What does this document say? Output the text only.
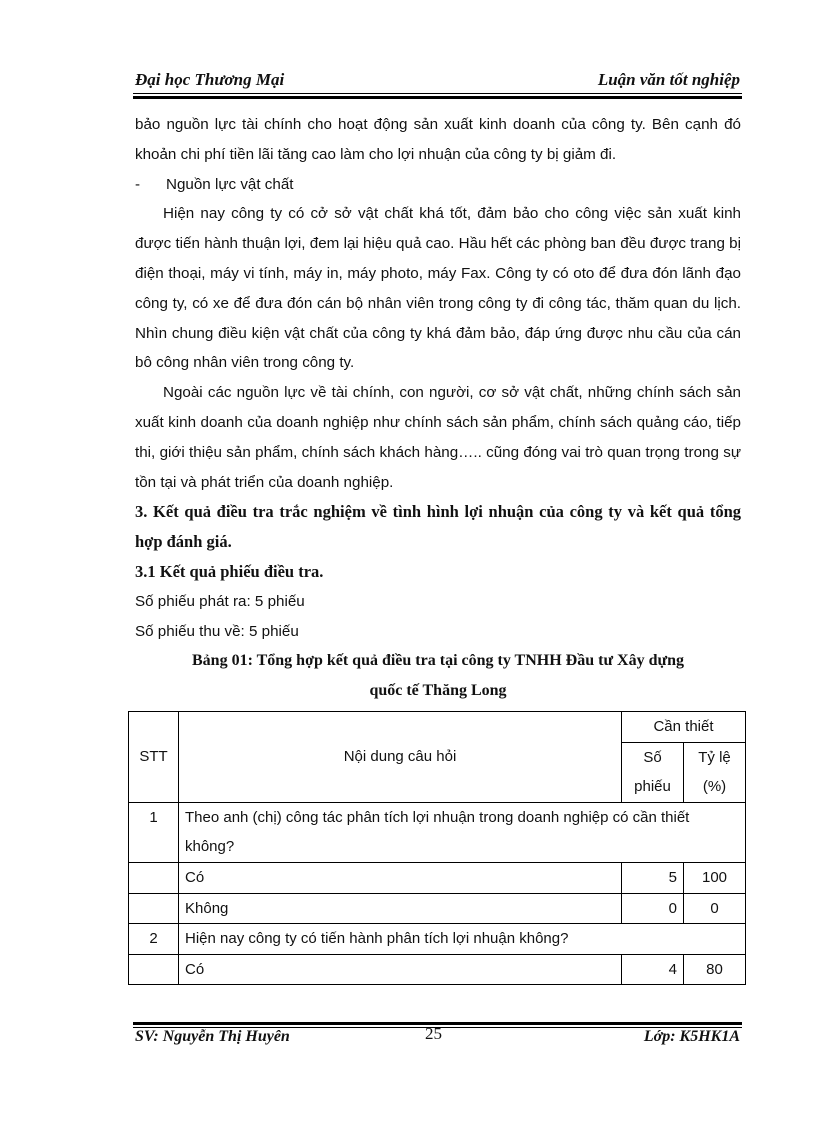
Đại học Thương Mại	Luận văn tốt nghiệp

bảo nguồn lực tài chính cho hoạt động sản xuất kinh doanh của công ty. Bên cạnh đó khoản chi phí tiền lãi tăng cao làm cho lợi nhuận của công ty bị giảm đi.

-	Nguồn lực vật chất

Hiện nay công ty có cở sở vật chất khá tốt, đảm bảo cho công việc sản xuất kinh được tiến hành thuận lợi, đem lại hiệu quả cao. Hầu hết các phòng ban đều được trang bị điện thoại, máy vi tính, máy in, máy photo, máy Fax. Công ty có oto để đưa đón lãnh đạo công ty, có xe để đưa đón cán bộ nhân viên trong công ty đi công tác, thăm quan du lịch. Nhìn chung điều kiện vật chất của công ty khá đảm bảo, đáp ứng được nhu cầu của cán bô công nhân viên trong công ty.

Ngoài các nguồn lực về tài chính, con người, cơ sở vật chất, những chính sách sản xuất kinh doanh của doanh nghiệp như chính sách sản phẩm, chính sách quảng cáo, tiếp thi, giới thiệu sản phẩm, chính sách khách hàng….. cũng đóng vai trò quan trọng trong sự tồn tại và phát triển của doanh nghiệp.

3. Kết quả điều tra trắc nghiệm về tình hình lợi nhuận của công ty và kết quả tổng hợp đánh giá.

3.1 Kết quả phiếu điều tra.

Số phiếu phát ra: 5 phiếu

Số phiếu thu về: 5 phiếu

Bảng 01: Tổng hợp kết quả điều tra tại công ty TNHH Đầu tư Xây dựng

quốc tế Thăng Long

STT	Nội dung câu hỏi	Cần thiết	
		Số phiếu	Tỷ lệ (%)
1	Theo anh (chị) công tác phân tích lợi nhuận trong doanh nghiệp có cần thiết không?		
	Có	5	100
	Không	0	0
2	Hiện nay công ty có tiến hành phân tích lợi nhuận không?		
	Có	4	80
SV: Nguyễn Thị Huyên	25	Lớp: K5HK1A
